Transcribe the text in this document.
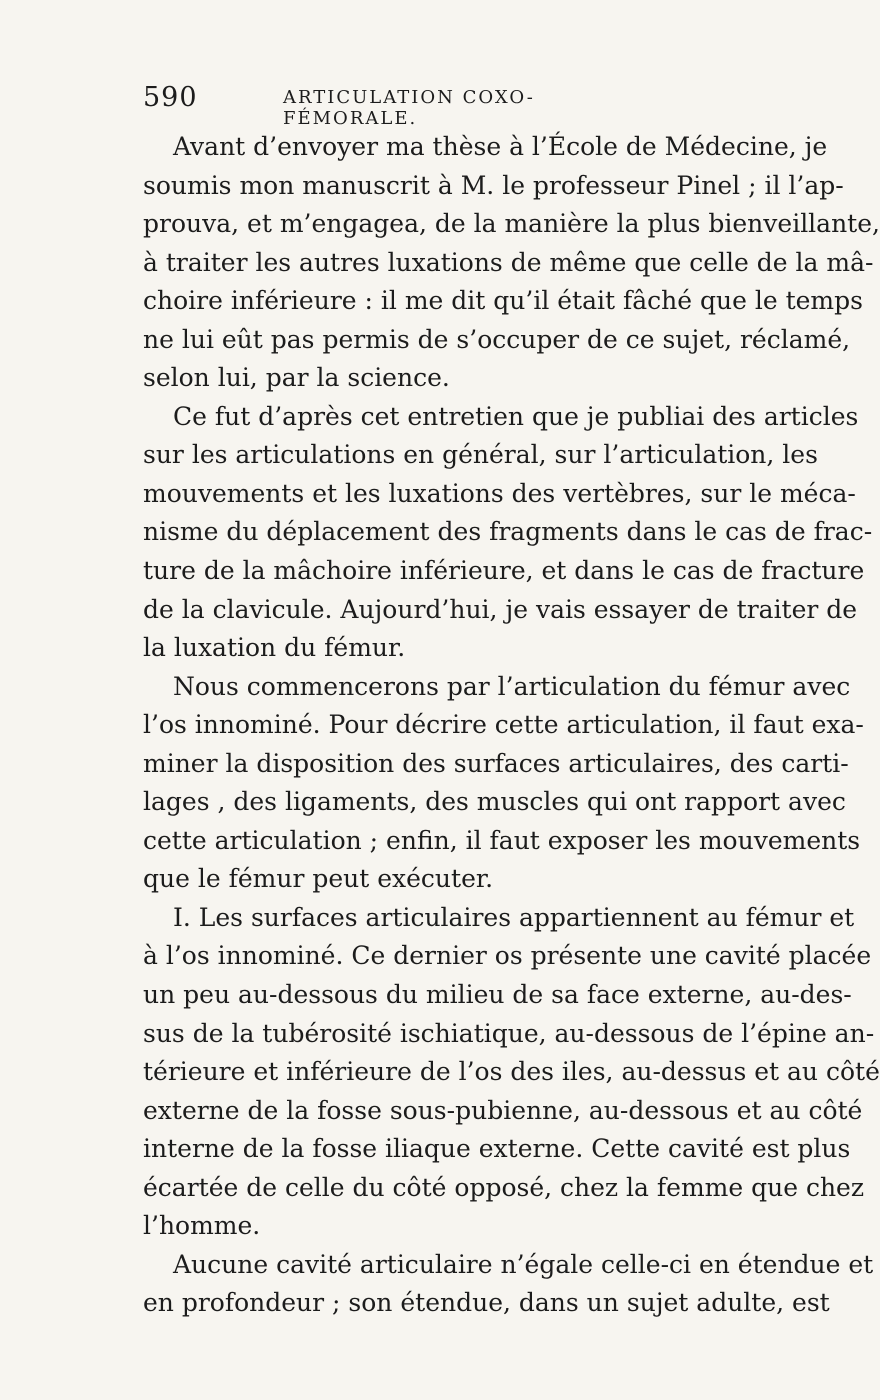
590	ARTICULATION COXO-FÉMORALE.
Avant d’envoyer ma thèse à l’École de Médecine, je
soumis mon manuscrit à M. le professeur Pinel ; il l’ap-
prouva, et m’engagea, de la manière la plus bienveillante,
à traiter les autres luxations de même que celle de la mâ-
choire inférieure : il me dit qu’il était fâché que le temps
ne lui eût pas permis de s’occuper de ce sujet, réclamé,
selon lui, par la science.
Ce fut d’après cet entretien que je publiai des articles
sur les articulations en général, sur l’articulation, les
mouvements et les luxations des vertèbres, sur le méca-
nisme du déplacement des fragments dans le cas de frac-
ture de la mâchoire inférieure, et dans le cas de fracture
de la clavicule. Aujourd’hui, je vais essayer de traiter de
la luxation du fémur.
Nous commencerons par l’articulation du fémur avec
l’os innominé. Pour décrire cette articulation, il faut exa-
miner la disposition des surfaces articulaires, des carti-
lages , des ligaments, des muscles qui ont rapport avec
cette articulation ; enfin, il faut exposer les mouvements
que le fémur peut exécuter.
I. Les surfaces articulaires appartiennent au fémur et
à l’os innominé. Ce dernier os présente une cavité placée
un peu au-dessous du milieu de sa face externe, au-des-
sus de la tubérosité ischiatique, au-dessous de l’épine an-
térieure et inférieure de l’os des iles, au-dessus et au côté
externe de la fosse sous-pubienne, au-dessous et au côté
interne de la fosse iliaque externe. Cette cavité est plus
écartée de celle du côté opposé, chez la femme que chez
l’homme.
Aucune cavité articulaire n’égale celle-ci en étendue et
en profondeur ; son étendue, dans un sujet adulte, est
